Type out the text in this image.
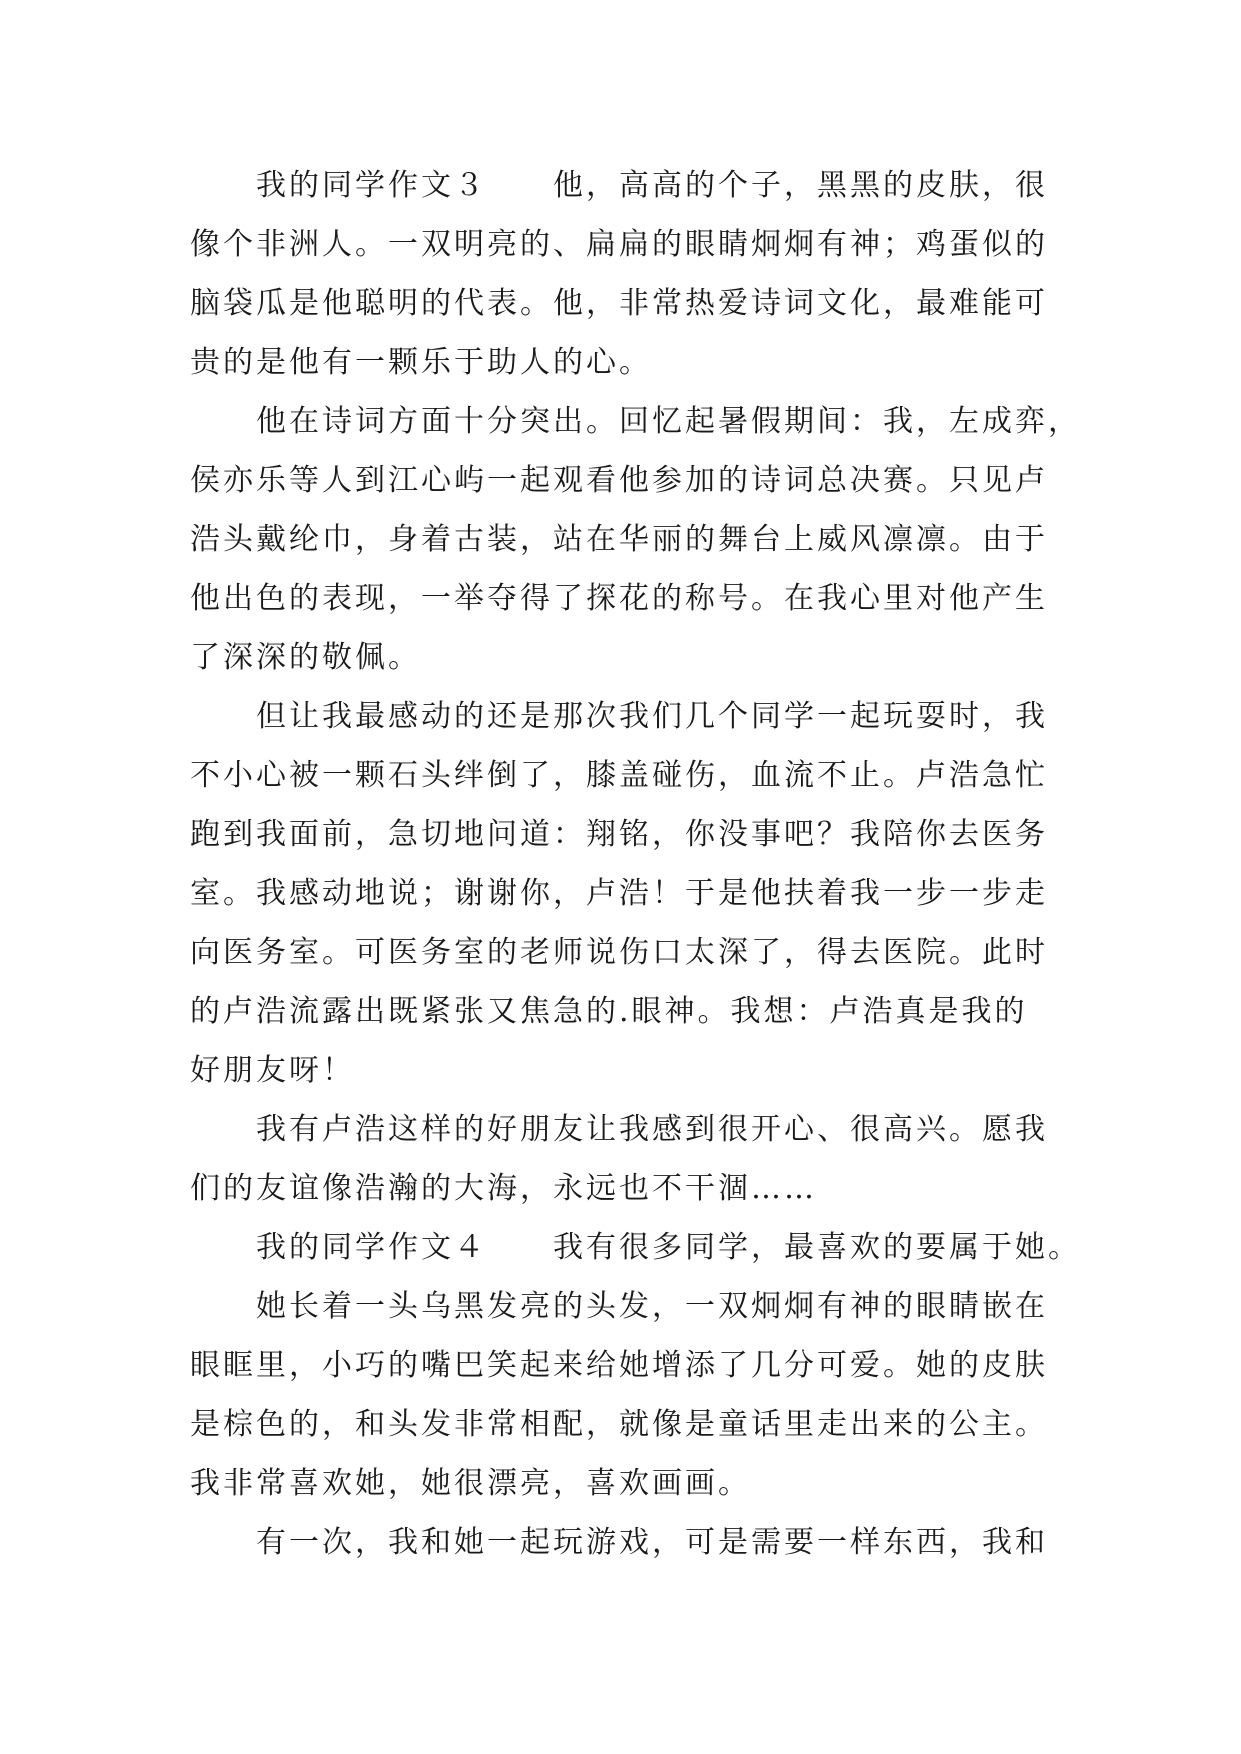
我的同学作文３　　他，高高的个子，黑黑的皮肤，很
像个非洲人。一双明亮的、扁扁的眼睛炯炯有神；鸡蛋似的
脑袋瓜是他聪明的代表。他，非常热爱诗词文化，最难能可
贵的是他有一颗乐于助人的心。
他在诗词方面十分突出。回忆起暑假期间：我，左成弈，
侯亦乐等人到江心屿一起观看他参加的诗词总决赛。只见卢
浩头戴纶巾，身着古装，站在华丽的舞台上威风凛凛。由于
他出色的表现，一举夺得了探花的称号。在我心里对他产生
了深深的敬佩。
但让我最感动的还是那次我们几个同学一起玩耍时，我
不小心被一颗石头绊倒了，膝盖碰伤，血流不止。卢浩急忙
跑到我面前，急切地问道：翔铭，你没事吧？我陪你去医务
室。我感动地说；谢谢你，卢浩！于是他扶着我一步一步走
向医务室。可医务室的老师说伤口太深了，得去医院。此时
的卢浩流露出既紧张又焦急的.眼神。我想：卢浩真是我的
好朋友呀！
我有卢浩这样的好朋友让我感到很开心、很高兴。愿我
们的友谊像浩瀚的大海，永远也不干涸……
我的同学作文４　　我有很多同学，最喜欢的要属于她。
她长着一头乌黑发亮的头发，一双炯炯有神的眼睛嵌在
眼眶里，小巧的嘴巴笑起来给她增添了几分可爱。她的皮肤
是棕色的，和头发非常相配，就像是童话里走出来的公主。
我非常喜欢她，她很漂亮，喜欢画画。
有一次，我和她一起玩游戏，可是需要一样东西，我和
